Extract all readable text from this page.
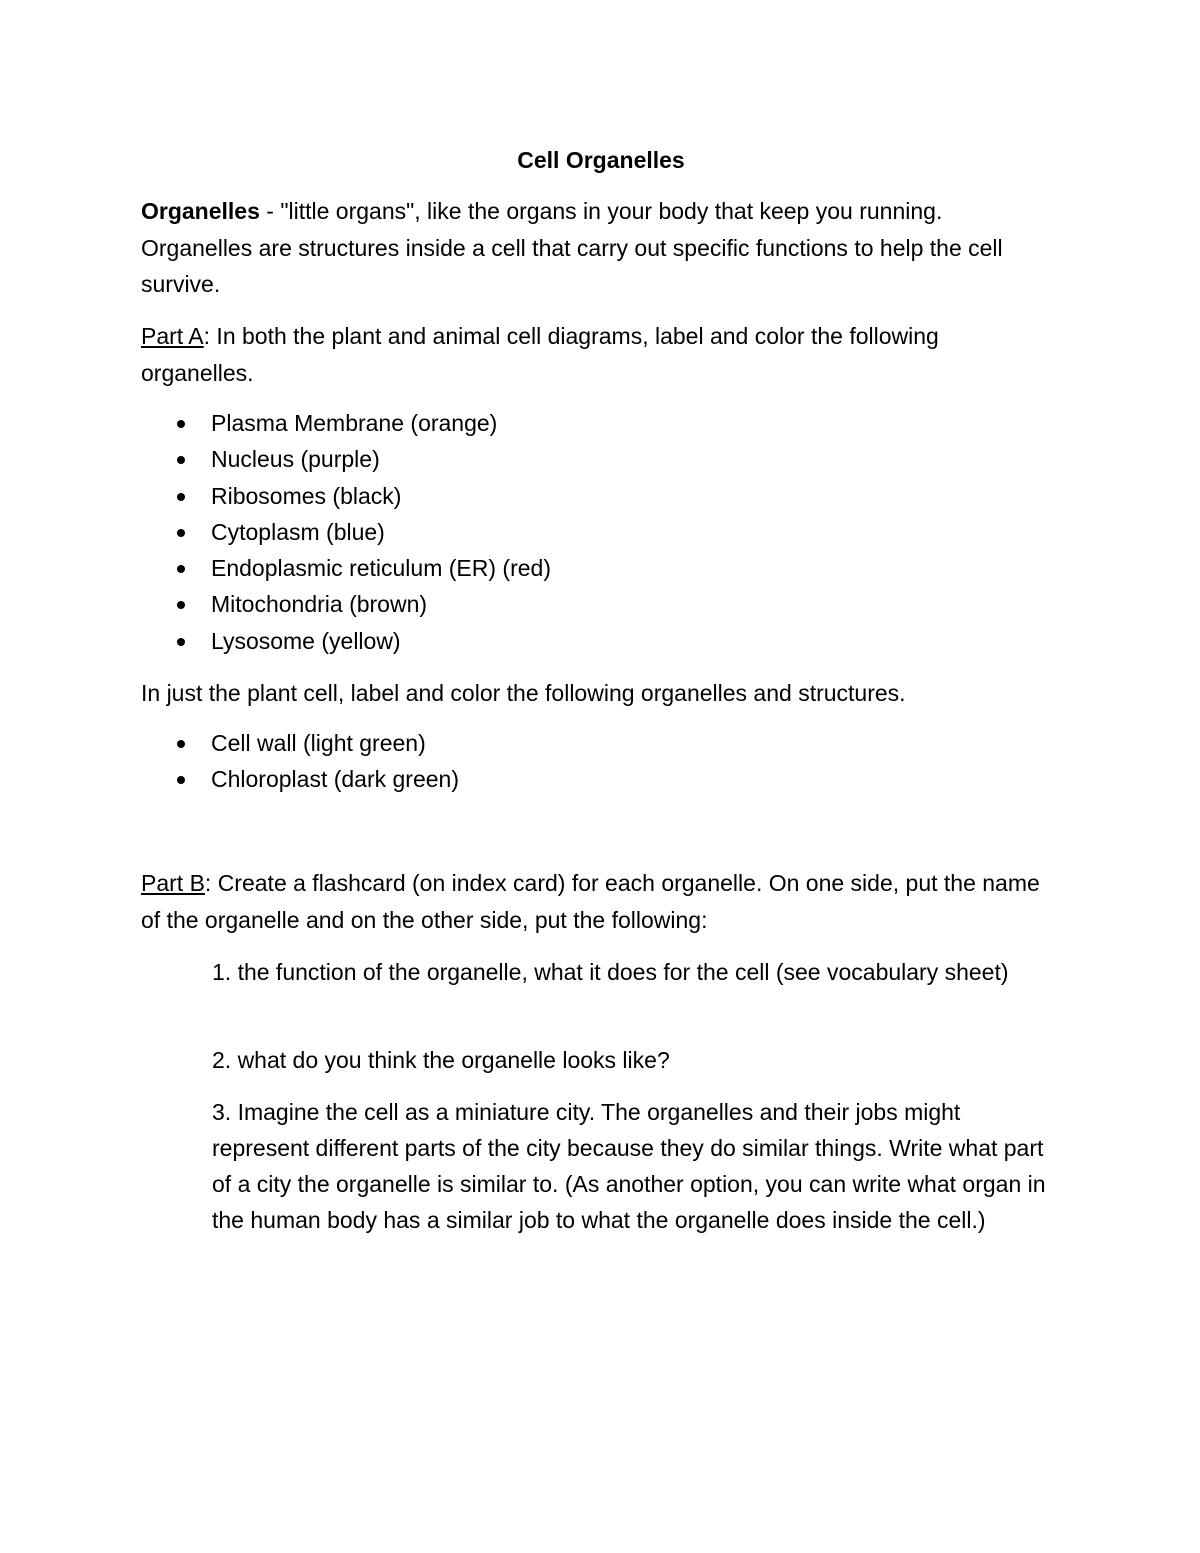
Cell Organelles

Organelles - "little organs", like the organs in your body that keep you running. Organelles are structures inside a cell that carry out specific functions to help the cell survive.

Part A: In both the plant and animal cell diagrams, label and color the following organelles.

Plasma Membrane (orange)
Nucleus (purple)
Ribosomes (black)
Cytoplasm (blue)
Endoplasmic reticulum (ER) (red)
Mitochondria (brown)
Lysosome (yellow)

In just the plant cell, label and color the following organelles and structures.

Cell wall (light green)
Chloroplast (dark green)

Part B: Create a flashcard (on index card) for each organelle. On one side, put the name of the organelle and on the other side, put the following:

1. the function of the organelle, what it does for the cell (see vocabulary sheet)

2. what do you think the organelle looks like?

3. Imagine the cell as a miniature city. The organelles and their jobs might represent different parts of the city because they do similar things. Write what part of a city the organelle is similar to. (As another option, you can write what organ in the human body has a similar job to what the organelle does inside the cell.)
